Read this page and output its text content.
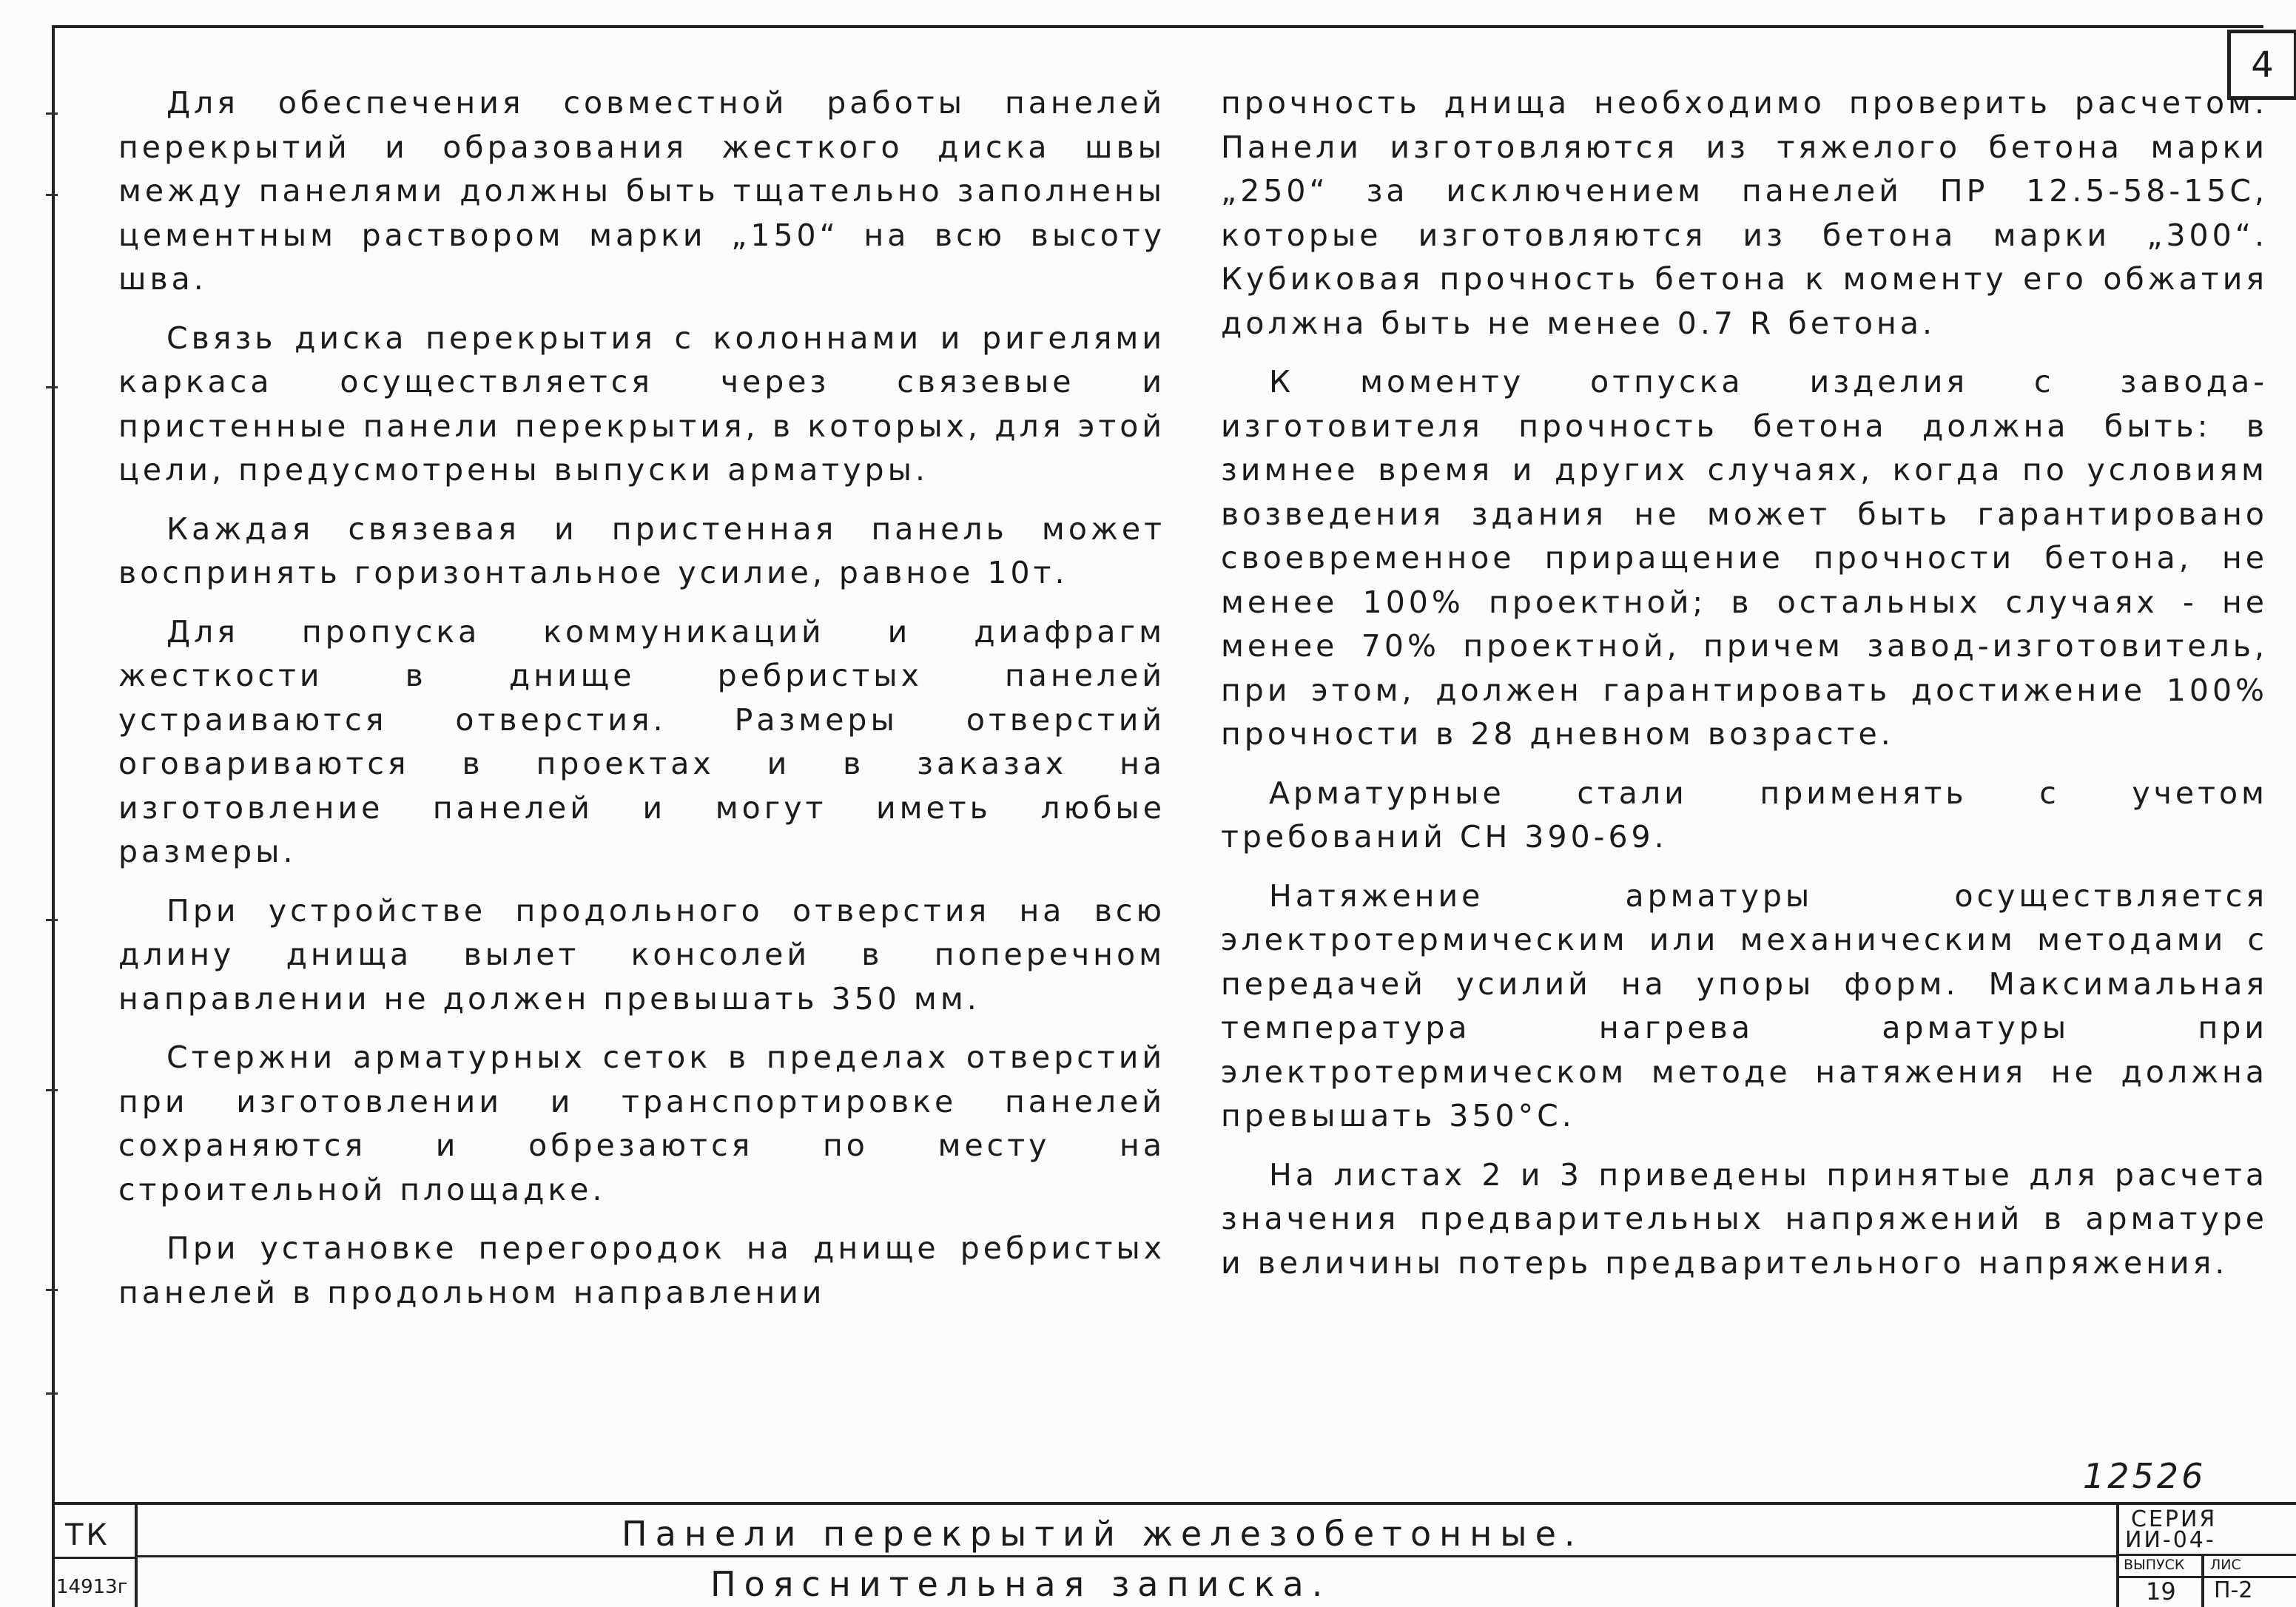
4

Для обеспечения совместной работы панелей перекрытий и образования жесткого диска швы между панелями должны быть тщательно заполнены цементным раствором марки „150“ на всю высоту шва.

Связь диска перекрытия с колоннами и ригелями каркаса осуществляется через связевые и пристенные панели перекрытия, в которых, для этой цели, предусмотрены выпуски арматуры.

Каждая связевая и пристенная панель может воспринять горизонтальное усилие, равное 10т.

Для пропуска коммуникаций и диафрагм жесткости в днище ребристых панелей устраиваются отверстия. Размеры отверстий оговариваются в проектах и в заказах на изготовление панелей и могут иметь любые размеры.

При устройстве продольного отверстия на всю длину днища вылет консолей в поперечном направлении не должен превышать 350 мм.

Стержни арматурных сеток в пределах отверстий при изготовлении и транспортировке панелей сохраняются и обрезаются по месту на строительной площадке.

При установке перегородок на днище ребристых панелей в продольном направлении

прочность днища необходимо проверить расчетом. Панели изготовляются из тяжелого бетона марки „250“ за исключением панелей ПР 12.5-58-15С, которые изготовляются из бетона марки „300“. Кубиковая прочность бетона к моменту его обжатия должна быть не менее 0.7 R бетона.

К моменту отпуска изделия с завода-изготовителя прочность бетона должна быть: в зимнее время и других случаях, когда по условиям возведения здания не может быть гарантировано своевременное приращение прочности бетона, не менее 100% проектной; в остальных случаях - не менее 70% проектной, причем завод-изготовитель, при этом, должен гарантировать достижение 100% прочности в 28 дневном возрасте.

Арматурные стали применять с учетом требований СН 390-69.

Натяжение арматуры осуществляется электротермическим или механическим методами с передачей усилий на упоры форм. Максимальная температура нагрева арматуры при электротермическом методе натяжения не должна превышать 350°С.

На листах 2 и 3 приведены принятые для расчета значения предварительных напряжений в арматуре и величины потерь предварительного напряжения.

12526
ТК
14913г
Панели перекрытий железобетонные.
Пояснительная записка.
СЕРИЯ
ИИ-04-
ВЫПУСК
19
ЛИС
П-2
